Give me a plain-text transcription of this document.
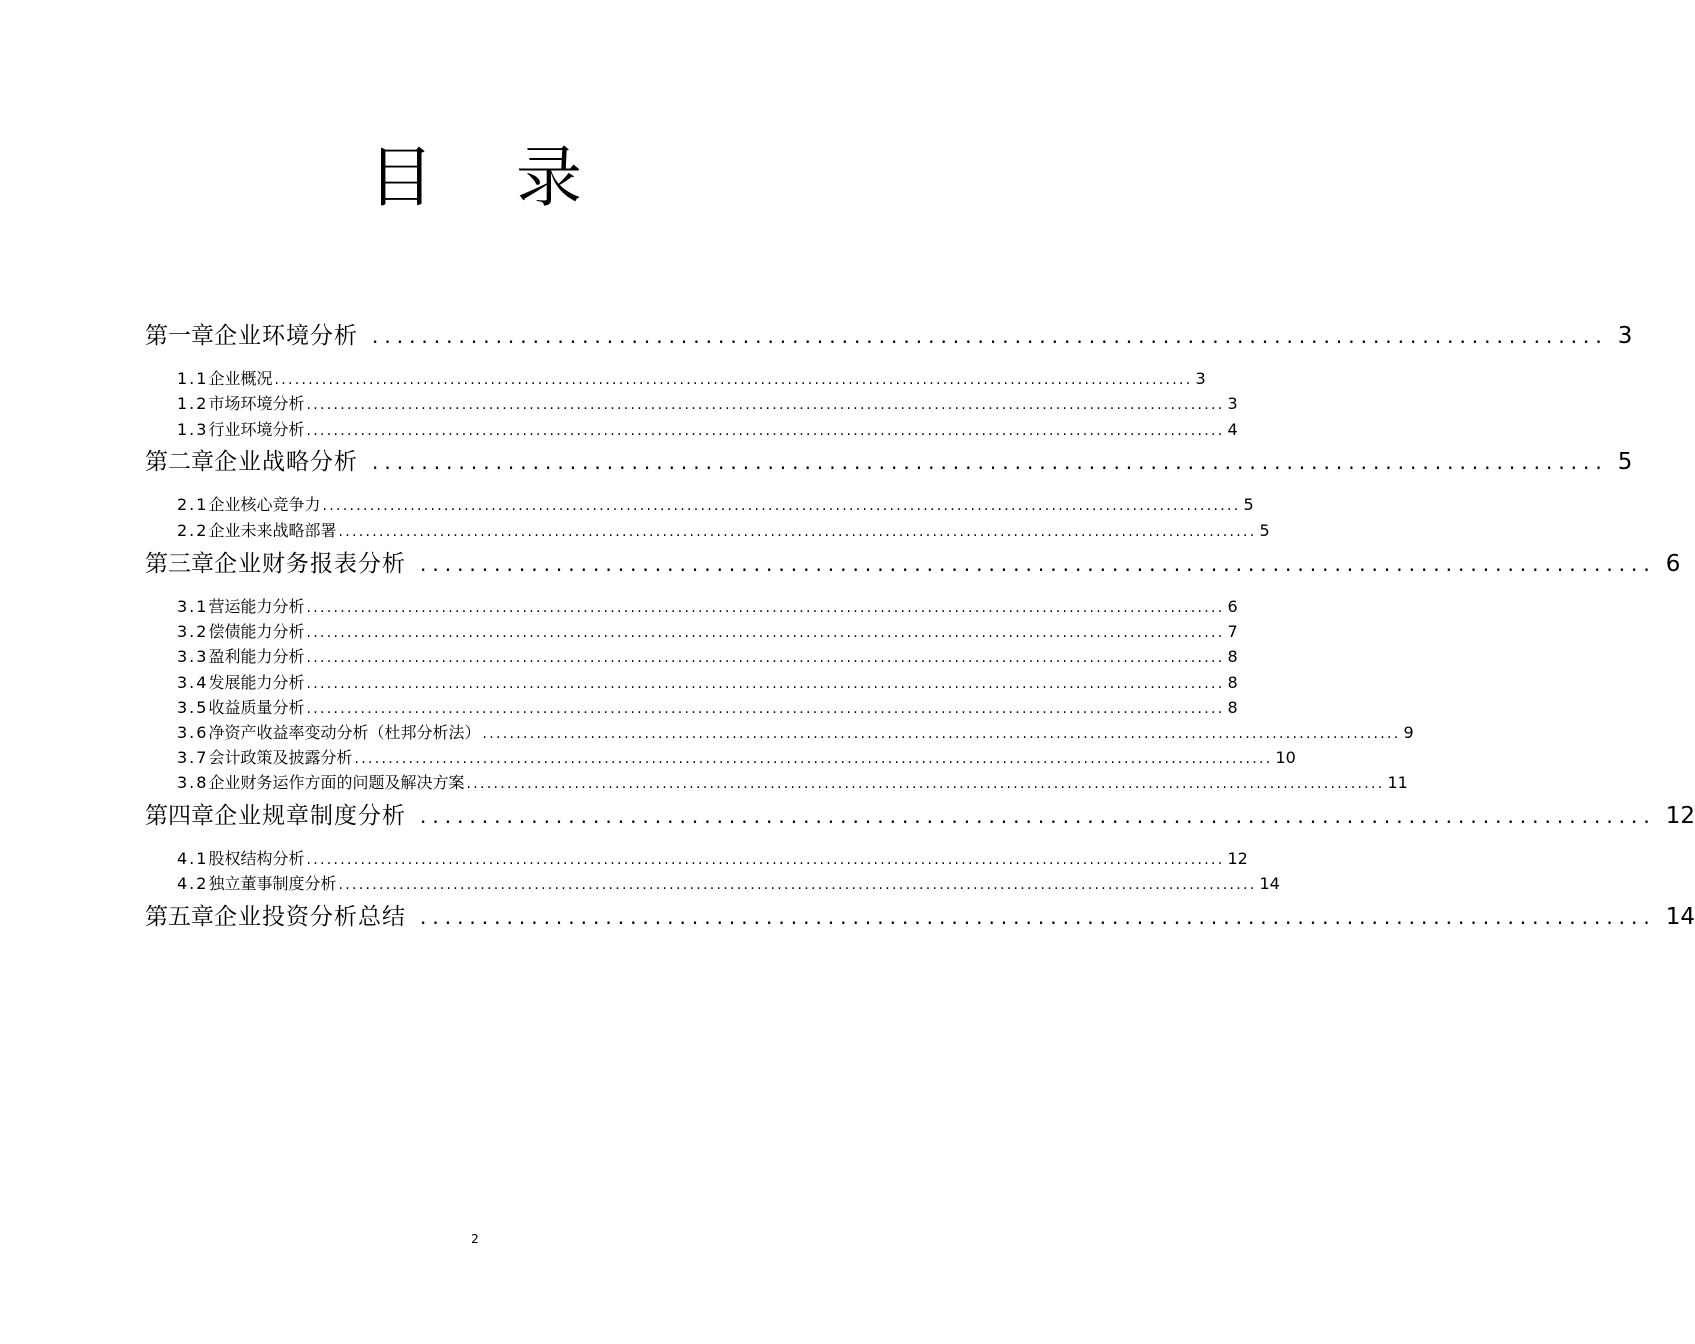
目 录
第一章 企业环境分析 .................................................................................................... 3
1.1 企业概况 ........................................................................................................................................ 3
1.2 市场环境分析 ........................................................................................................................................ 3
1.3 行业环境分析 ........................................................................................................................................ 4
第二章 企业战略分析 .................................................................................................... 5
2.1 企业核心竞争力 ........................................................................................................................................ 5
2.2 企业未来战略部署 ........................................................................................................................................ 5
第三章 企业财务报表分析 .................................................................................................... 6
3.1 营运能力分析 ........................................................................................................................................ 6
3.2 偿债能力分析 ........................................................................................................................................ 7
3.3 盈利能力分析 ........................................................................................................................................ 8
3.4 发展能力分析 ........................................................................................................................................ 8
3.5 收益质量分析 ........................................................................................................................................ 8
3.6 净资产收益率变动分析（杜邦分析法） ........................................................................................................................................ 9
3.7 会计政策及披露分析 ........................................................................................................................................ 10
3.8 企业财务运作方面的问题及解决方案 ........................................................................................................................................ 11
第四章 企业规章制度分析 .................................................................................................... 12
4.1 股权结构分析 ........................................................................................................................................ 12
4.2 独立董事制度分析 ........................................................................................................................................ 14
第五章 企业投资分析总结 .................................................................................................... 14
2
